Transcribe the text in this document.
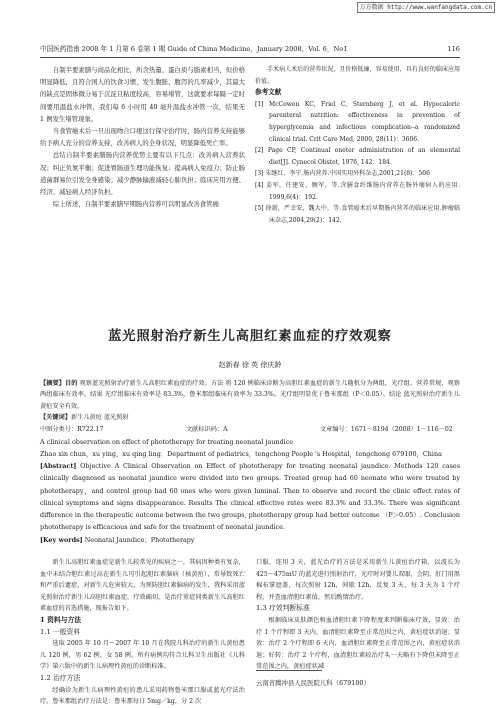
万方数据 http://www.wanfangdata.com.cn
中国医药指南 2008 年 1 月第 6 卷第 1 期 Guide of China Medicine，January 2008，Vol. 6，No1	116

自制半要素膳与商品化相比，所含热量、蛋白质与脂素相当，但价格明显降低，且符合国人的饮食习惯，发生腹胀、腹泻的几率减少，其最大的缺点是固体微分易于沉淀且粘度较高，容易堵管，这就要求每隔一定时间要用温盐水冲管，我们每 6 小时用 40 毫升温盐水冲管一次，结果无 1 例发生堵管现象。

当食管癌术后一旦出现吻合口瘘这行保守治疗时，肠内营养支持能够给予病人充分的营养支持，改善病人的全身状况，明显降低死亡率。

总结自制半要素膳肠内营养优势主要有以下几点：改善病人营养状况；纠正负氮平衡；促进胃肠道生理功能恢复；提高病人免疫力；防止肠道菌群易位引发全身感染；减少静脉输液减轻心肺负担；临床应用方便、经济、减轻病人经济负担。

综上所述，自制半要素膳早期肠内营养可以明显改善食管癌

手术病人术后的营养状况，且价格低廉，容易使用，具有良好的临床应用价值。

参考文献

[1] McCowen KC, Friel C, Sternberg J, et al. Hypocaloric parenteral nutrition: effectiveness in prevention of hyperglycemia and infectious complication--a randomized clinical trial. Crit Care Med, 2000, 28(11)：3606.

[2] Page CP, Continual eneter administration of an elemental diet[J]. Cynecol Obstet, 1976, 142：184.

[3] 朱继红、李宁.肠内营养.中国实用外科杂志,2001,21(8)：506

[4] 姜军，任建安，顾军，等.含膳食纤维肠内营养在肠外瘘病人的应用. 1999,6(4)：192.

[5] 徐新，严幸安，魏大中，等.食管癌术后早期肠内营养的临床应用.肿瘤临床杂志,2004,29(2)：142.

蓝光照射治疗新生儿高胆红素血症的疗效观察
赵新春 徐 英 徐庆龄
【摘要】目的 观察蓝光照射治疗新生儿高胆红素血症的疗效。方法 将 120 例临床诊断为高胆红素血症的新生儿随机分为两组，光疗组、营养常规，观察两组临床有效率。结果 光疗组临床有效率是 83.3%，鲁米那组临床有效率为 33.3%。光疗组明显优于鲁米那组（P＜0.05）。结论 蓝光照射治疗新生儿黄疸安全有效。
【关键词】新生儿黄疸 蓝光照射
中图分类号：R722.17	文献标识码：A	文章编号：1671－8194（2008）1－116－02
A clinical observation on effect of phototherapy for treating neonatal jaundice
Zhao xin chun，xu ying，xu qing ling．Department of pediatrics，tengchong People 's Hospital，tengchong 679100，China
[Abstract] Objective A Clinical Observation on Effect of phototherapy for treating neonatal jaundice. Methods 120 cases clinically diagnosed as neonatal jaundice were divided into two groups. Treated group had 60 neonate who were treated by phototherapy，and control group had 60 ones who were given luminal. Then to observe and record the clinic effect rates of clinical symptoms and signs disappearance. Results The clinical effective rates were 83.3% and 33.3%. There was significant difference in the therapeutic outcome between the two groups, phototherapy group had better outcome （P＞0.05）. Conclusion phototherapy is efficacious and safe for the treatment of neonatal jaundice.
[Key words] Neonatal Jaundice；Phototherapy

新生儿高胆红素血症是新生儿较常见的疾病之一，其病因种类有复杂，血中未结合胆红素过高在新生儿可引起胆红素脑病（核黄疸），常导致死亡和严重后遗症，对新生儿危害较大，为预防胆红素脑病的发生，我科采用蓝光照射治疗新生儿高胆红素血症，疗效确切，是治疗重症同类新生儿高胆红素血症的首选措施，现报告如下。

1 资料与方法

1.1 一般资料

选取 2005 年 10 月～2007 年 10 月在我院儿科治疗的新生儿黄疸患儿 120 例，男 62 例，女 58 例。所有病例均符合儿科卫生出版社《儿科学》第六版中的新生儿病理性黄疸的诊断标准。

1.2 治疗方法

经确诊为新生儿病理性黄疸的患儿采用药物鲁米那口服或蓝光疗法治疗。鲁米那组治疗方法是：鲁米那每日 5mg／kg，分 2 次

口服，连用 3 天，蓝光治疗的方法是采用新生儿黄疸治疗箱，以波长为 425～475mU 的蓝光进行照射治疗，光疗时对婴儿双眼、会阴、肛门用黑棉布掌遮盖，每次照射 12h，间歇 12h，反复 3 天，每 3 天为 1 个疗程，并查血清胆红素值，然后酌情治疗。

1.3 疗效判断标准

根据临床皮肤颜色和血清胆红素下降程度来判断临床疗效，显效：治疗 1 个疗程即 3 天内，血清胆红素降至正常范围之内，黄疸症状消退；显效：治疗 2 个疗程即 6 天内，血清胆红素降至正常范围之内，黄疸症状消退；好转：治疗 2 个疗程，血清胆红素较治疗头一天略有下降但未降至正常范围之内，黄疸症状减

云南省腾冲县人民医院儿科（679100）
